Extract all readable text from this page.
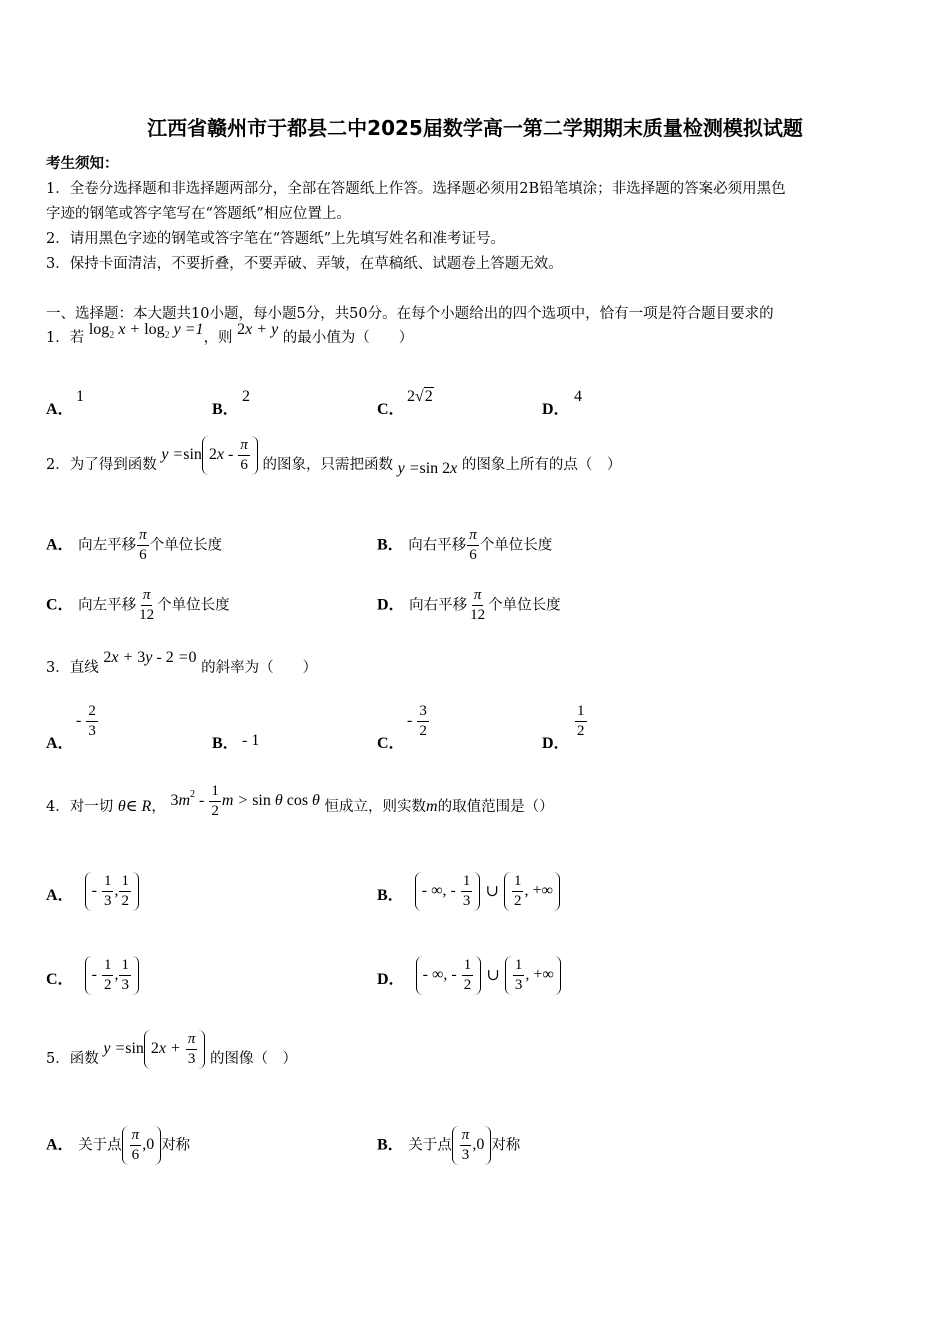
江西省赣州市于都县二中2025届数学高一第二学期期末质量检测模拟试题
考生须知：
1．全卷分选择题和非选择题两部分，全部在答题纸上作答。选择题必须用2B铅笔填涂；非选择题的答案必须用黑色
字迹的钢笔或答字笔写在“答题纸”相应位置上。
2．请用黑色字迹的钢笔或答字笔在“答题纸”上先填写姓名和准考证号。
3．保持卡面清洁，不要折叠，不要弄破、弄皱，在草稿纸、试题卷上答题无效。
一、选择题：本大题共10小题，每小题5分，共50分。在每个小题给出的四个选项中，恰有一项是符合题目要求的
1．若 $\log_2 x + \log_2 y =1$，则 2x + y 的最小值为（　　）
A．
1
B．
2
C．
2√2
D．
4
2．为了得到函数 y =sin $2x - \frac{\pi}{6}$ 的图象，只需把函数 y =sin 2x 的图象上所有的点（　）
A． 向左平移 $\frac{\pi}{6}$ 个单位长度	B． 向右平移 $\frac{\pi}{6}$ 个单位长度
C． 向左平移 $\frac{\pi}{12}$ 个单位长度	D． 向右平移 $\frac{\pi}{12}$ 个单位长度
3．直线 2x + 3y - 2 =0 的斜率为（　　）
A．
- $\frac{2}{3}$
B． - 1	C．
- $\frac{3}{2}$
D．
$\frac{1}{2}$
4．对一切 θ∈ R， $3m^2 - \frac{1}{2}$ m > sin θ cos θ 恒成立，则实数m的取值范围是（）
A． - $\frac{1}{3}$ , $\frac{1}{2}$	B． - ∞, - $\frac{1}{3}$ ∪ $\frac{1}{2}$ , +∞
C． - $\frac{1}{2}$ , $\frac{1}{3}$	D． - ∞, - $\frac{1}{2}$ ∪ $\frac{1}{3}$ , +∞
5．函数 y =sin $2x + \frac{\pi}{3}$ 的图像（　）
A． 关于点 $\frac{\pi}{6} ,0$ 对称	B． 关于点 $\frac{\pi}{3} ,0$ 对称
